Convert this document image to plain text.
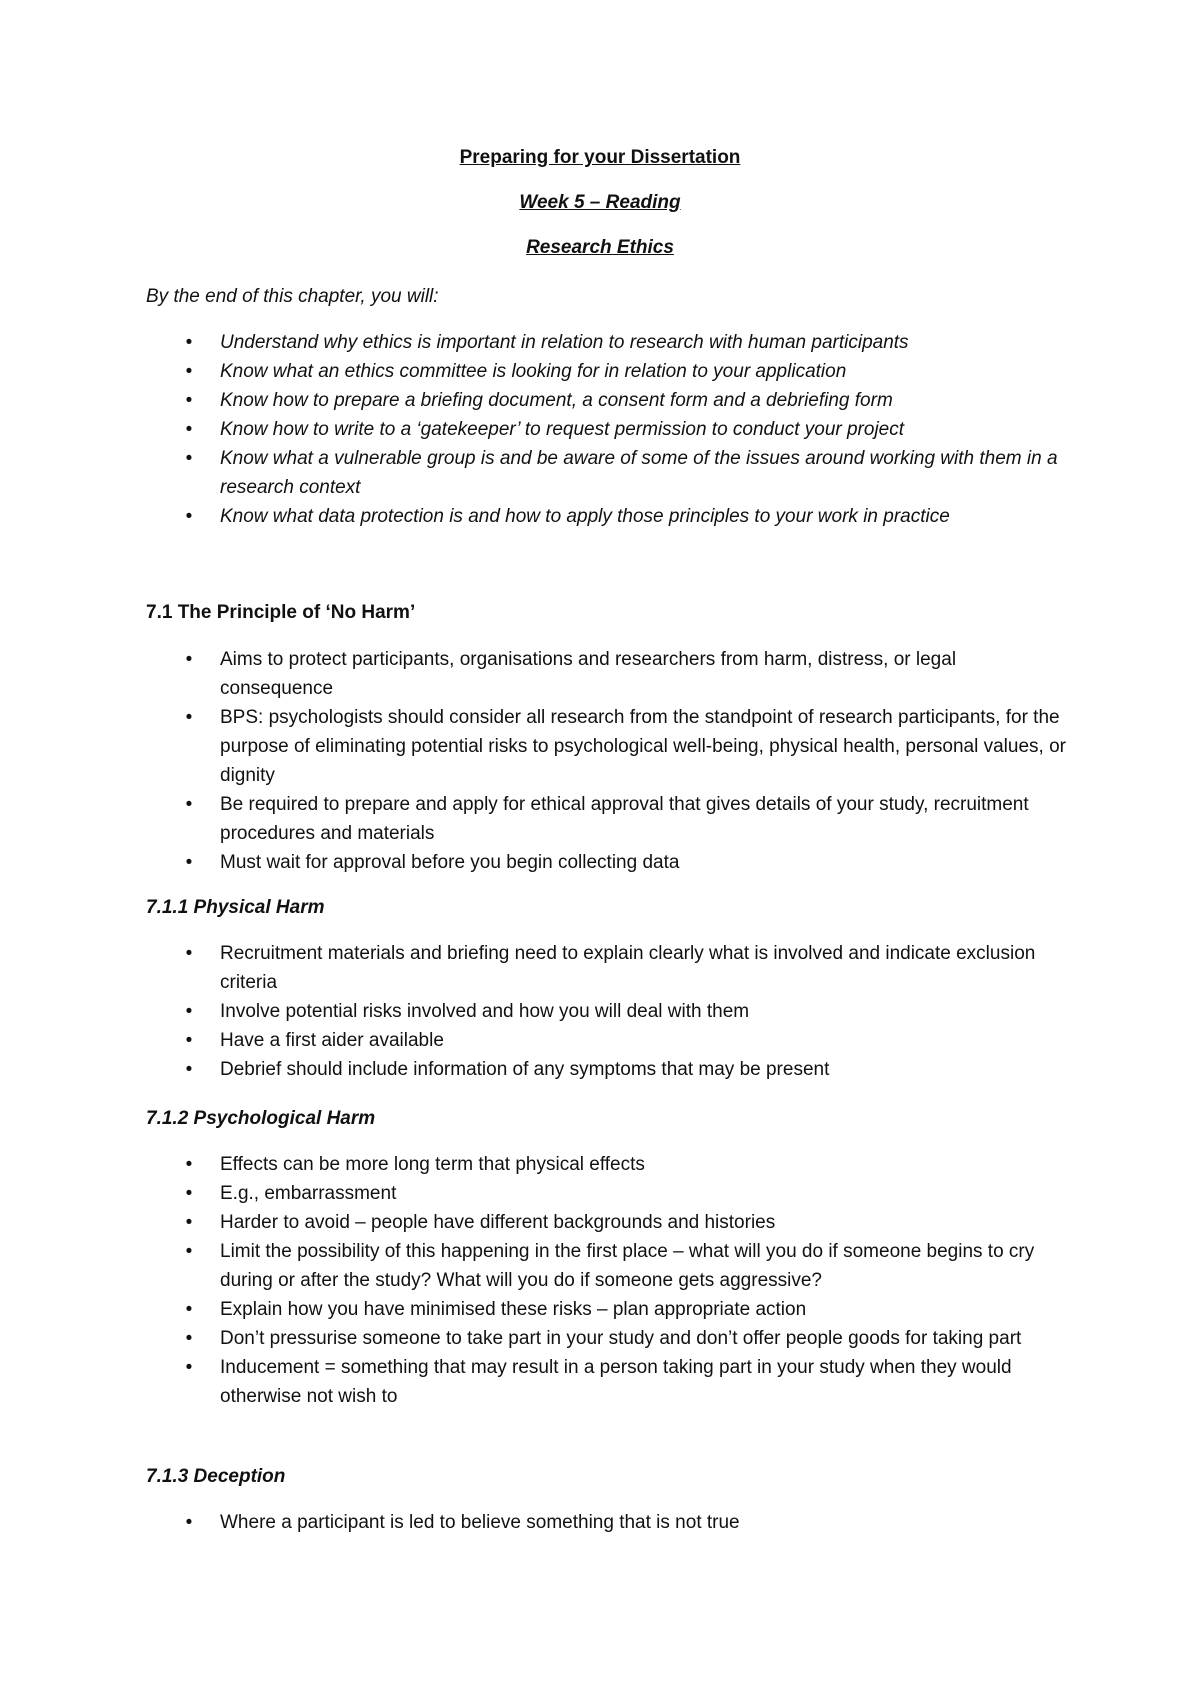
Preparing for your Dissertation
Week 5 – Reading
Research Ethics
By the end of this chapter, you will:
• Understand why ethics is important in relation to research with human participants
• Know what an ethics committee is looking for in relation to your application
• Know how to prepare a briefing document, a consent form and a debriefing form
• Know how to write to a ‘gatekeeper’ to request permission to conduct your project
• Know what a vulnerable group is and be aware of some of the issues around working with them in a research context
• Know what data protection is and how to apply those principles to your work in practice
7.1 The Principle of ‘No Harm’
• Aims to protect participants, organisations and researchers from harm, distress, or legal consequence
• BPS: psychologists should consider all research from the standpoint of research participants, for the purpose of eliminating potential risks to psychological well-being, physical health, personal values, or dignity
• Be required to prepare and apply for ethical approval that gives details of your study, recruitment procedures and materials
• Must wait for approval before you begin collecting data
7.1.1 Physical Harm
• Recruitment materials and briefing need to explain clearly what is involved and indicate exclusion criteria
• Involve potential risks involved and how you will deal with them
• Have a first aider available
• Debrief should include information of any symptoms that may be present
7.1.2 Psychological Harm
• Effects can be more long term that physical effects
• E.g., embarrassment
• Harder to avoid – people have different backgrounds and histories
• Limit the possibility of this happening in the first place – what will you do if someone begins to cry during or after the study? What will you do if someone gets aggressive?
• Explain how you have minimised these risks – plan appropriate action
• Don’t pressurise someone to take part in your study and don’t offer people goods for taking part
• Inducement = something that may result in a person taking part in your study when they would otherwise not wish to
7.1.3 Deception
• Where a participant is led to believe something that is not true
